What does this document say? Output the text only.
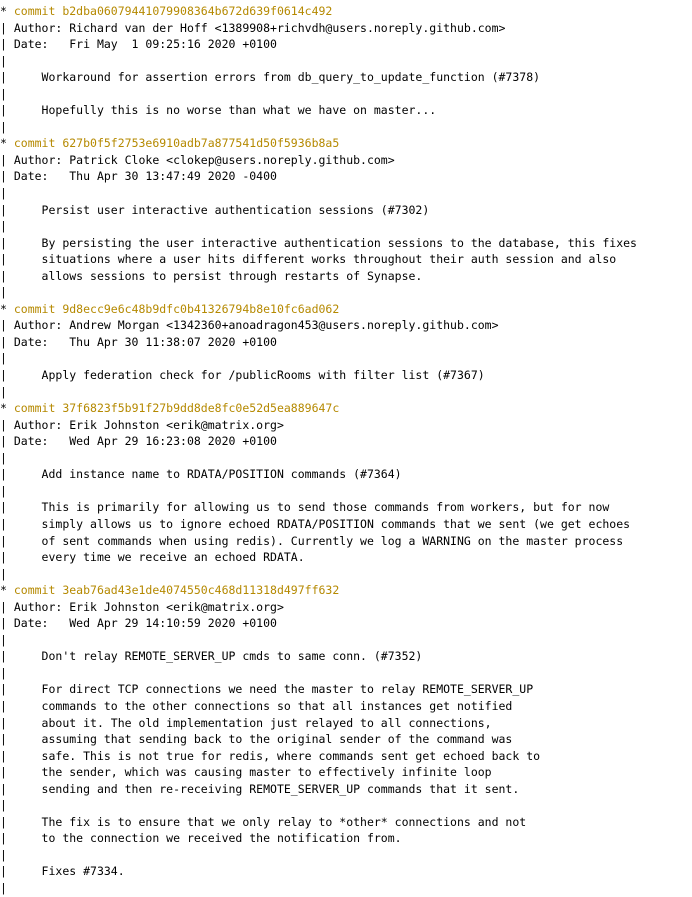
* commit b2dba06079441079908364b672d639f0614c492
| Author: Richard van der Hoff <1389908+richvdh@users.noreply.github.com>
| Date:   Fri May  1 09:25:16 2020 +0100
|
|     Workaround for assertion errors from db_query_to_update_function (#7378)
|
|     Hopefully this is no worse than what we have on master...
|
* commit 627b0f5f2753e6910adb7a877541d50f5936b8a5
| Author: Patrick Cloke <clokep@users.noreply.github.com>
| Date:   Thu Apr 30 13:47:49 2020 -0400
|
|     Persist user interactive authentication sessions (#7302)
|
|     By persisting the user interactive authentication sessions to the database, this fixes
|     situations where a user hits different works throughout their auth session and also
|     allows sessions to persist through restarts of Synapse.
|
* commit 9d8ecc9e6c48b9dfc0b41326794b8e10fc6ad062
| Author: Andrew Morgan <1342360+anoadragon453@users.noreply.github.com>
| Date:   Thu Apr 30 11:38:07 2020 +0100
|
|     Apply federation check for /publicRooms with filter list (#7367)
|
* commit 37f6823f5b91f27b9dd8de8fc0e52d5ea889647c
| Author: Erik Johnston <erik@matrix.org>
| Date:   Wed Apr 29 16:23:08 2020 +0100
|
|     Add instance name to RDATA/POSITION commands (#7364)
|
|     This is primarily for allowing us to send those commands from workers, but for now
|     simply allows us to ignore echoed RDATA/POSITION commands that we sent (we get echoes
|     of sent commands when using redis). Currently we log a WARNING on the master process
|     every time we receive an echoed RDATA.
|
* commit 3eab76ad43e1de4074550c468d11318d497ff632
| Author: Erik Johnston <erik@matrix.org>
| Date:   Wed Apr 29 14:10:59 2020 +0100
|
|     Don't relay REMOTE_SERVER_UP cmds to same conn. (#7352)
|
|     For direct TCP connections we need the master to relay REMOTE_SERVER_UP
|     commands to the other connections so that all instances get notified
|     about it. The old implementation just relayed to all connections,
|     assuming that sending back to the original sender of the command was
|     safe. This is not true for redis, where commands sent get echoed back to
|     the sender, which was causing master to effectively infinite loop
|     sending and then re-receiving REMOTE_SERVER_UP commands that it sent.
|
|     The fix is to ensure that we only relay to *other* connections and not
|     to the connection we received the notification from.
|
|     Fixes #7334.
|
